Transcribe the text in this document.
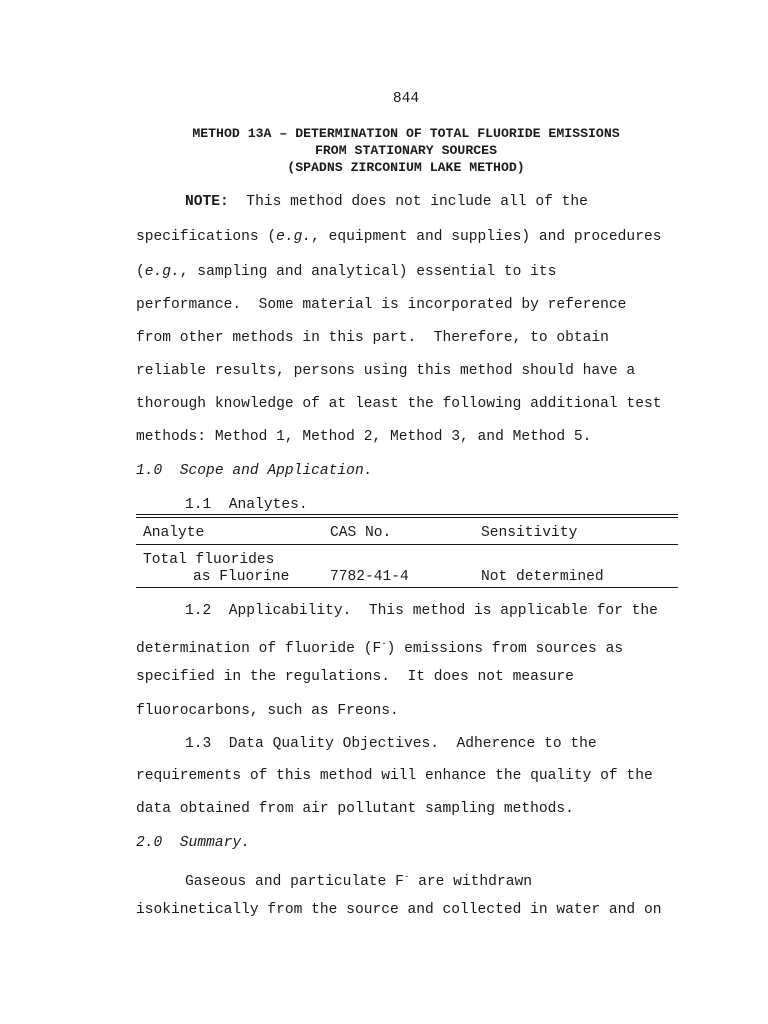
844
METHOD 13A – DETERMINATION OF TOTAL FLUORIDE EMISSIONS
FROM STATIONARY SOURCES
(SPADNS ZIRCONIUM LAKE METHOD)
NOTE:  This method does not include all of the
specifications (e.g., equipment and supplies) and procedures
(e.g., sampling and analytical) essential to its
performance.  Some material is incorporated by reference
from other methods in this part.  Therefore, to obtain
reliable results, persons using this method should have a
thorough knowledge of at least the following additional test
methods: Method 1, Method 2, Method 3, and Method 5.
1.0  Scope and Application.
1.1  Analytes.
Analyte	CAS No.	Sensitivity
Total fluorides
as Fluorine	7782-41-4	Not determined
1.2  Applicability.  This method is applicable for the
determination of fluoride (F-) emissions from sources as
specified in the regulations.  It does not measure
fluorocarbons, such as Freons.
1.3  Data Quality Objectives.  Adherence to the
requirements of this method will enhance the quality of the
data obtained from air pollutant sampling methods.
2.0  Summary.
Gaseous and particulate F- are withdrawn
isokinetically from the source and collected in water and on
